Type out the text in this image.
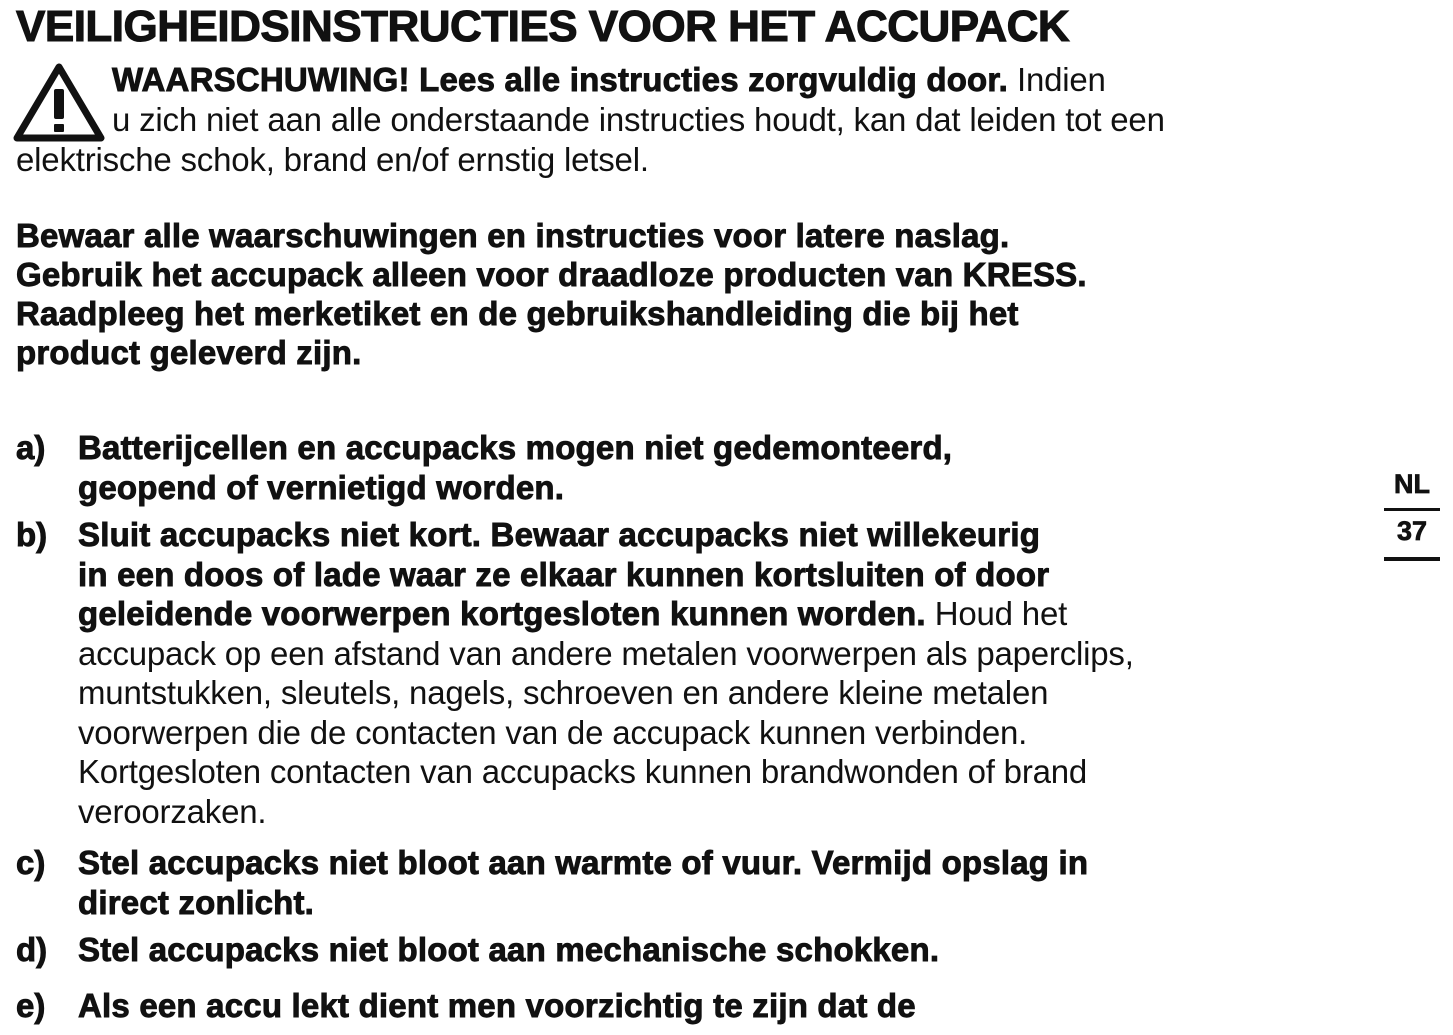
VEILIGHEIDSINSTRUCTIES VOOR HET ACCUPACK
WAARSCHUWING! Lees alle instructies zorgvuldig door. Indien
u zich niet aan alle onderstaande instructies houdt, kan dat leiden tot een
elektrische schok, brand en/of ernstig letsel.
Bewaar alle waarschuwingen en instructies voor latere naslag.
Gebruik het accupack alleen voor draadloze producten van KRESS.
Raadpleeg het merketiket en de gebruikshandleiding die bij het
product geleverd zijn.
a) Batterijcellen en accupacks mogen niet gedemonteerd,
geopend of vernietigd worden.
b) Sluit accupacks niet kort. Bewaar accupacks niet willekeurig
in een doos of lade waar ze elkaar kunnen kortsluiten of door
geleidende voorwerpen kortgesloten kunnen worden. Houd het
accupack op een afstand van andere metalen voorwerpen als paperclips,
muntstukken, sleutels, nagels, schroeven en andere kleine metalen
voorwerpen die de contacten van de accupack kunnen verbinden.
Kortgesloten contacten van accupacks kunnen brandwonden of brand
veroorzaken.
c) Stel accupacks niet bloot aan warmte of vuur. Vermijd opslag in
direct zonlicht.
d) Stel accupacks niet bloot aan mechanische schokken.
e) Als een accu lekt dient men voorzichtig te zijn dat de
NL
37
